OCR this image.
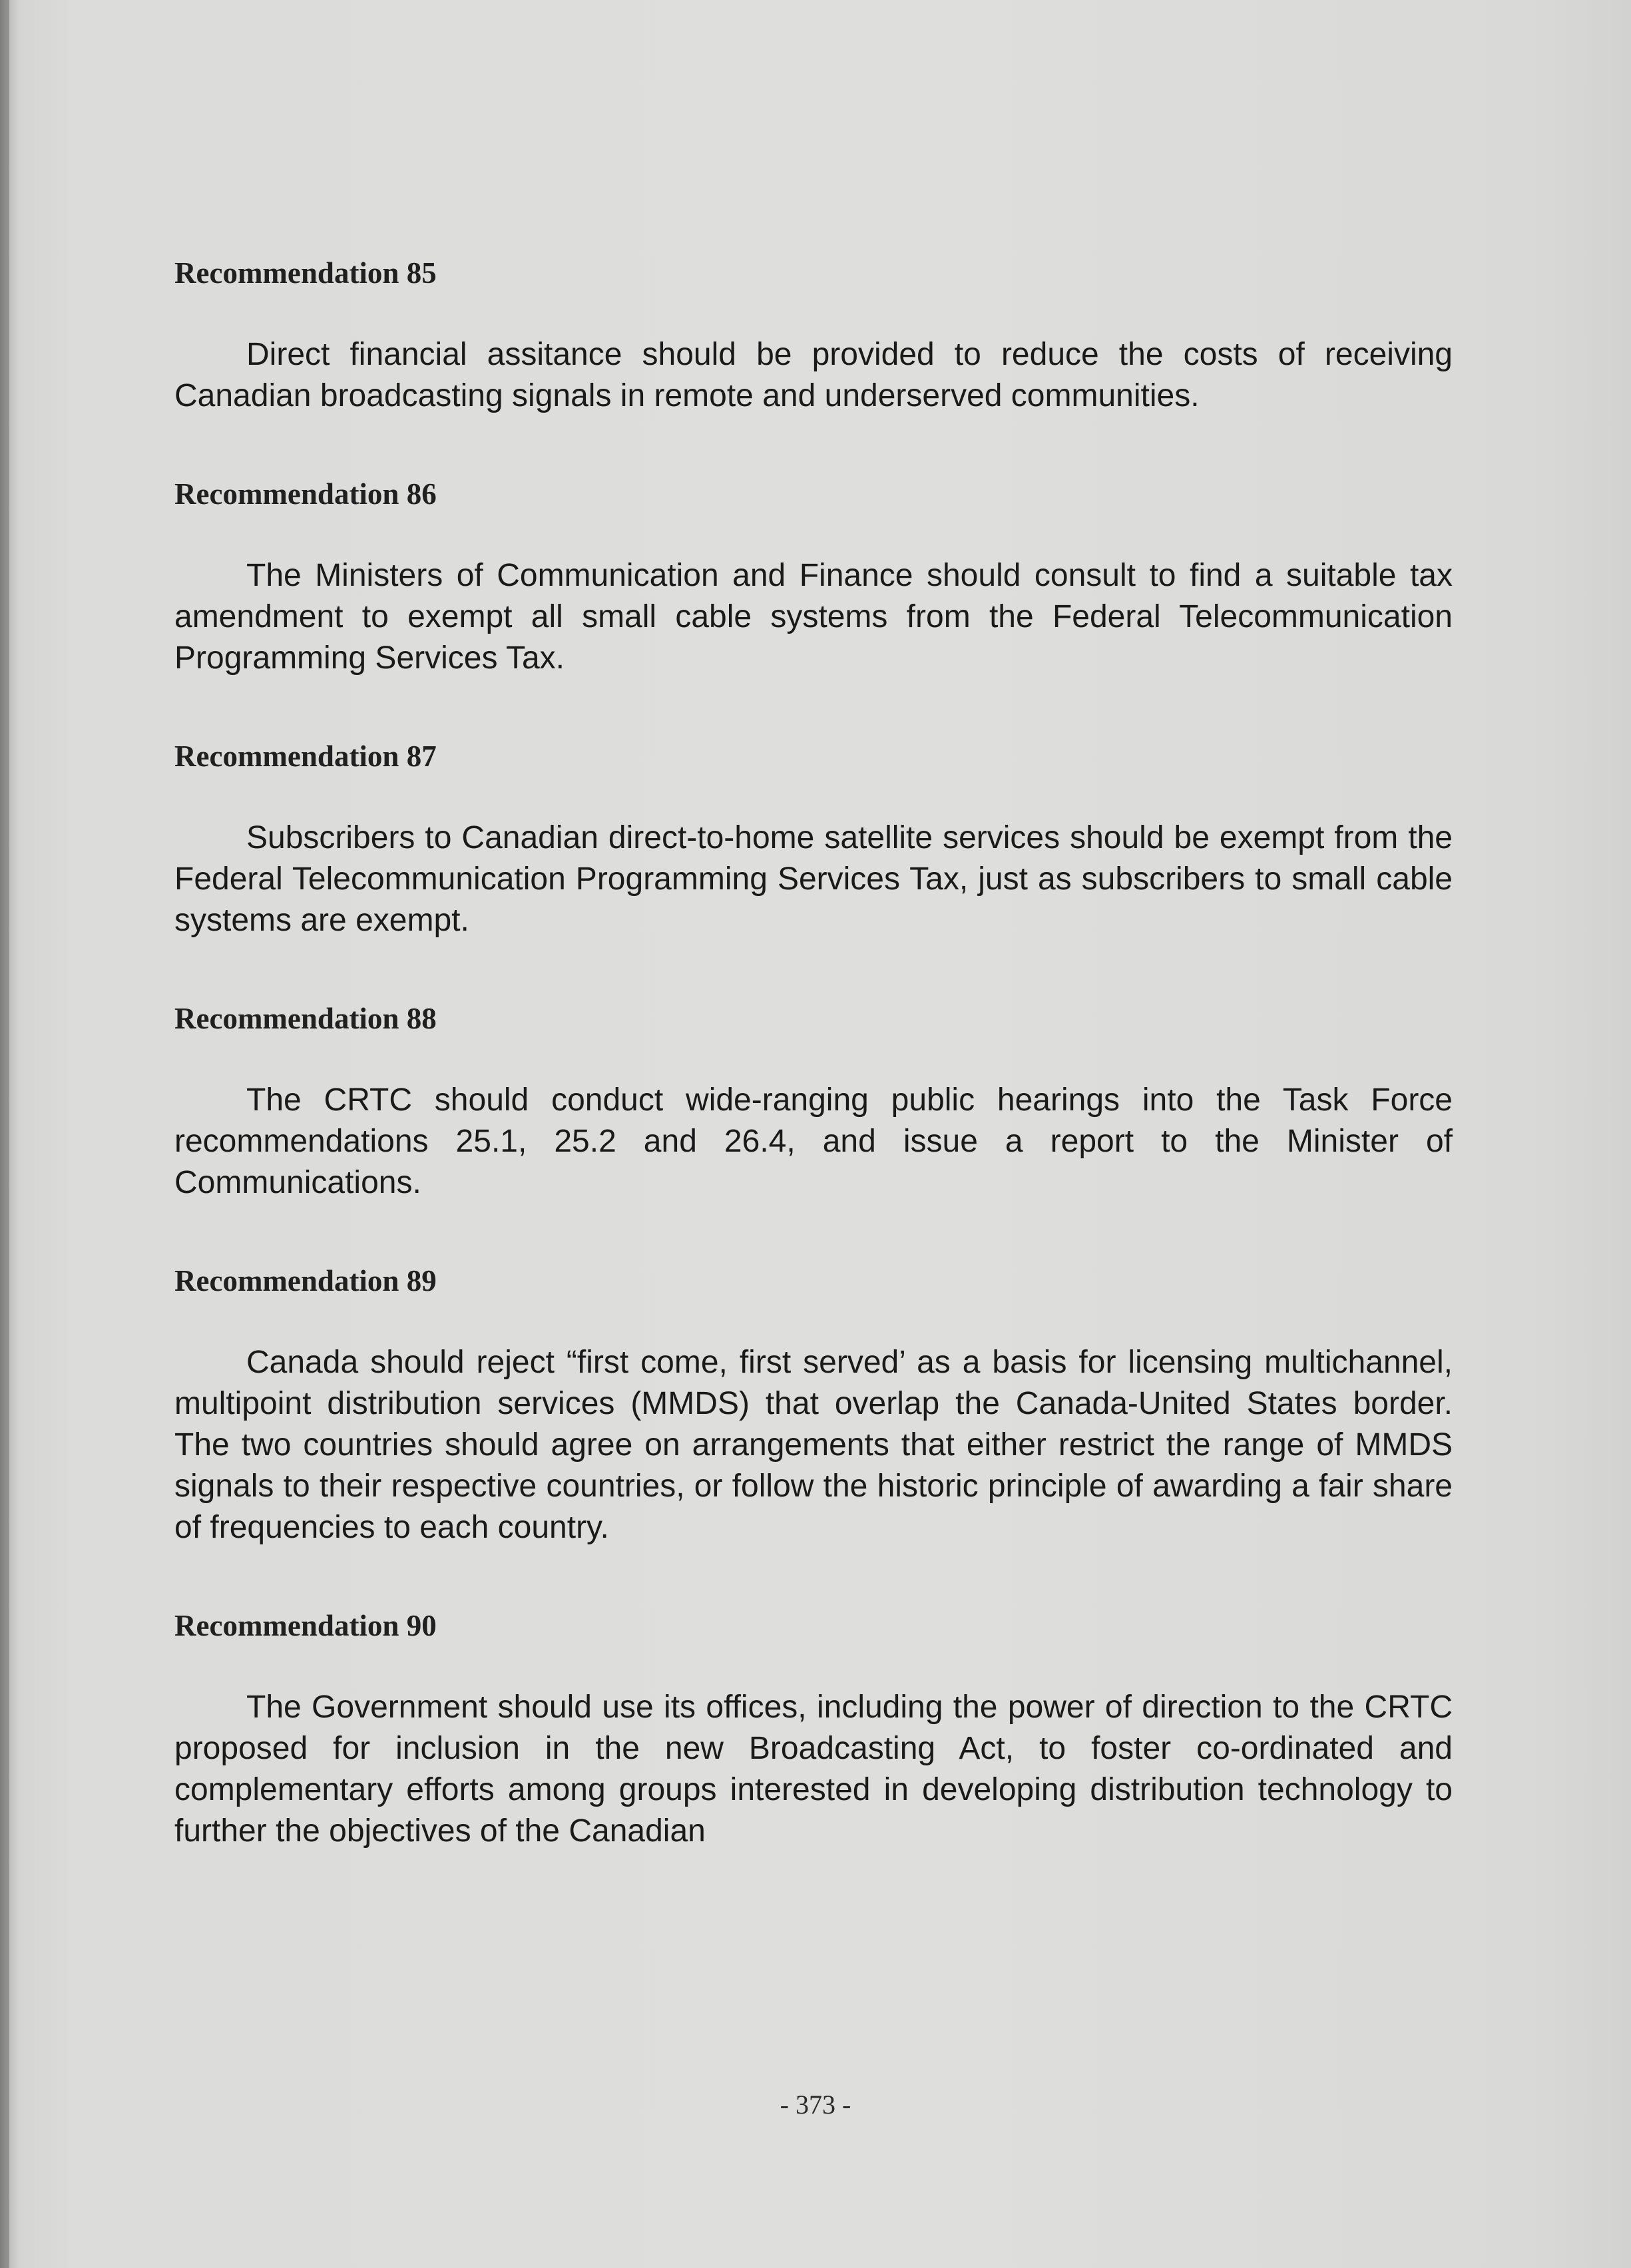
Recommendation 85

Direct financial assitance should be provided to reduce the costs of receiving Canadian broadcasting signals in remote and underserved communities.

Recommendation 86

The Ministers of Communication and Finance should consult to find a suitable tax amendment to exempt all small cable systems from the Federal Telecommunication Programming Services Tax.

Recommendation 87

Subscribers to Canadian direct-to-home satellite services should be exempt from the Federal Telecommunication Programming Services Tax, just as subscribers to small cable systems are exempt.

Recommendation 88

The CRTC should conduct wide-ranging public hearings into the Task Force recommendations 25.1, 25.2 and 26.4, and issue a report to the Minister of Communications.

Recommendation 89

Canada should reject “first come, first served’ as a basis for licensing multichannel, multipoint distribution services (MMDS) that overlap the Canada-United States border. The two countries should agree on arrangements that either restrict the range of MMDS signals to their respective countries, or follow the historic principle of awarding a fair share of frequencies to each country.

Recommendation 90

The Government should use its offices, including the power of direction to the CRTC proposed for inclusion in the new Broadcasting Act, to foster co-ordinated and complementary efforts among groups interested in developing distribution technology to further the objectives of the Canadian

- 373 -
